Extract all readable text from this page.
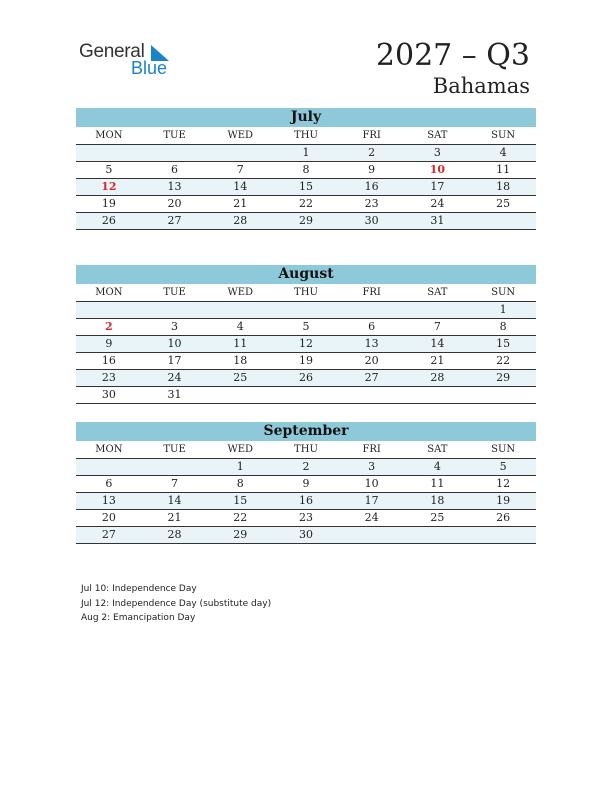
General
Blue	2027 – Q3
Bahamas
July
MON	TUE	WED	THU	FRI	SAT	SUN
			1	2	3	4
5	6	7	8	9	10	11
12	13	14	15	16	17	18
19	20	21	22	23	24	25
26	27	28	29	30	31	
August
MON	TUE	WED	THU	FRI	SAT	SUN
						1
2	3	4	5	6	7	8
9	10	11	12	13	14	15
16	17	18	19	20	21	22
23	24	25	26	27	28	29
30	31					
September
MON	TUE	WED	THU	FRI	SAT	SUN
		1	2	3	4	5
6	7	8	9	10	11	12
13	14	15	16	17	18	19
20	21	22	23	24	25	26
27	28	29	30			
Jul 10: Independence Day
Jul 12: Independence Day (substitute day)
Aug 2: Emancipation Day
